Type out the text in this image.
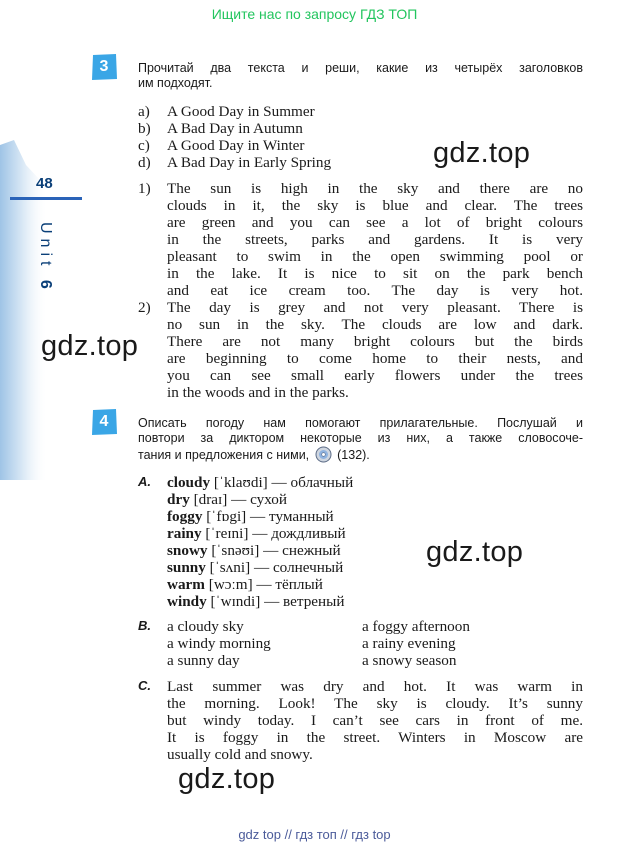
Ищите нас по запросу ГДЗ ТОП
gdz top // гдз топ // гдз top
48
Unit 6
3	Прочитай два текста и реши, какие из четырёх заголовков
им подходят.
a) A Good Day in Summer
b) A Bad Day in Autumn
c) A Good Day in Winter
d) A Bad Day in Early Spring
1) The sun is high in the sky and there are no
clouds in it, the sky is blue and clear. The trees
are green and you can see a lot of bright colours
in the streets, parks and gardens. It is very
pleasant to swim in the open swimming pool or
in the lake. It is nice to sit on the park bench
and eat ice cream too. The day is very hot.
2) The day is grey and not very pleasant. There is
no sun in the sky. The clouds are low and dark.
There are not many bright colours but the birds
are beginning to come home to their nests, and
you can see small early flowers under the trees
in the woods and in the parks.
4	Описать погоду нам помогают прилагательные. Послушай и
повтори за диктором некоторые из них, а также словосоче-
тания и предложения с ними, (132).
A. cloudy [ˈklaʊdi] — облачный
dry [draɪ] — сухой
foggy [ˈfɒgi] — туманный
rainy [ˈreɪni] — дождливый
snowy [ˈsnəʊi] — снежный
sunny [ˈsʌni] — солнечный
warm [wɔːm] — тёплый
windy [ˈwɪndi] — ветреный
B. a cloudy sky
a windy morning
a sunny day
a foggy afternoon
a rainy evening
a snowy season
C. Last summer was dry and hot. It was warm in
the morning. Look! The sky is cloudy. It’s sunny
but windy today. I can’t see cars in front of me.
It is foggy in the street. Winters in Moscow are
usually cold and snowy.
gdz.top
gdz.top
gdz.top
gdz.top
